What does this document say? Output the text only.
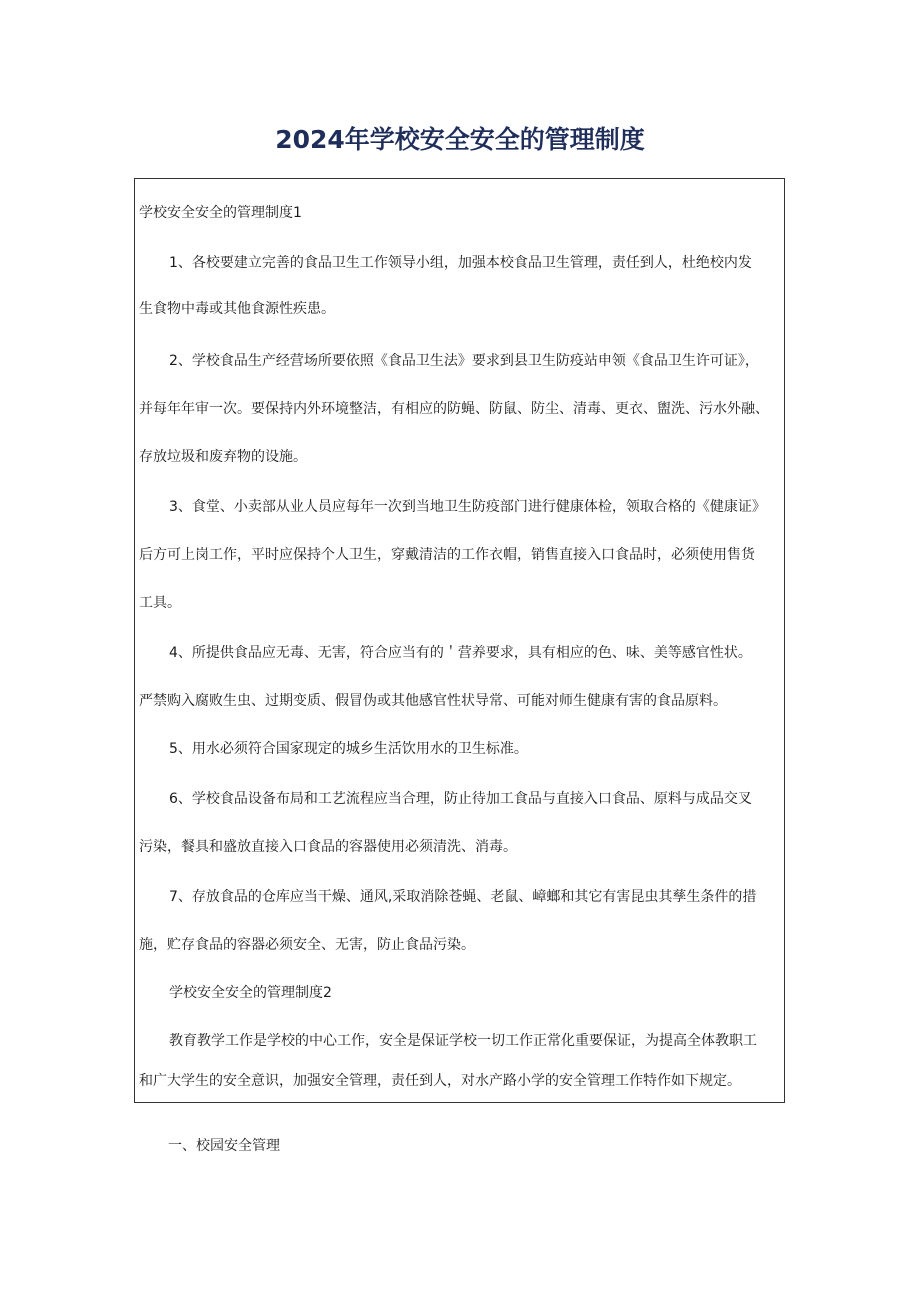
2024年学校安全安全的管理制度
学校安全安全的管理制度1
1、各校要建立完善的食品卫生工作领导小组，加强本校食品卫生管理，责任到人，杜绝校内发
生食物中毒或其他食源性疾患。
2、学校食品生产经营场所要依照《食品卫生法》要求到县卫生防疫站申领《食品卫生许可证》，
并每年年审一次。要保持内外环境整洁，有相应的防蝇、防鼠、防尘、清毒、更衣、盥洗、污水外融、
存放垃圾和废弃物的设施。
3、食堂、小卖部从业人员应每年一次到当地卫生防疫部门进行健康体检，领取合格的《健康证》
后方可上岗工作，平时应保持个人卫生，穿戴清洁的工作衣帽，销售直接入口食品时，必须使用售货
工具。
4、所提供食品应无毒、无害，符合应当有的＇营养要求，具有相应的色、味、美等感官性状。
严禁购入腐败生虫、过期变质、假冒伪或其他感官性状导常、可能对师生健康有害的食品原料。
5、用水必须符合国家现定的城乡生活饮用水的卫生标准。
6、学校食品设备布局和工艺流程应当合理，防止待加工食品与直接入口食品、原料与成品交叉
污染，餐具和盛放直接入口食品的容器使用必须清洗、消毒。
7、存放食品的仓库应当干燥、通风,采取消除苍蝇、老鼠、嶂螂和其它有害昆虫其孳生条件的措
施，贮存食品的容器必须安全、无害，防止食品污染。
学校安全安全的管理制度2
教育教学工作是学校的中心工作，安全是保证学校一切工作正常化重要保证，为提高全体教职工
和广大学生的安全意识，加强安全管理，责任到人，对水产路小学的安全管理工作特作如下规定。
一、校园安全管理
